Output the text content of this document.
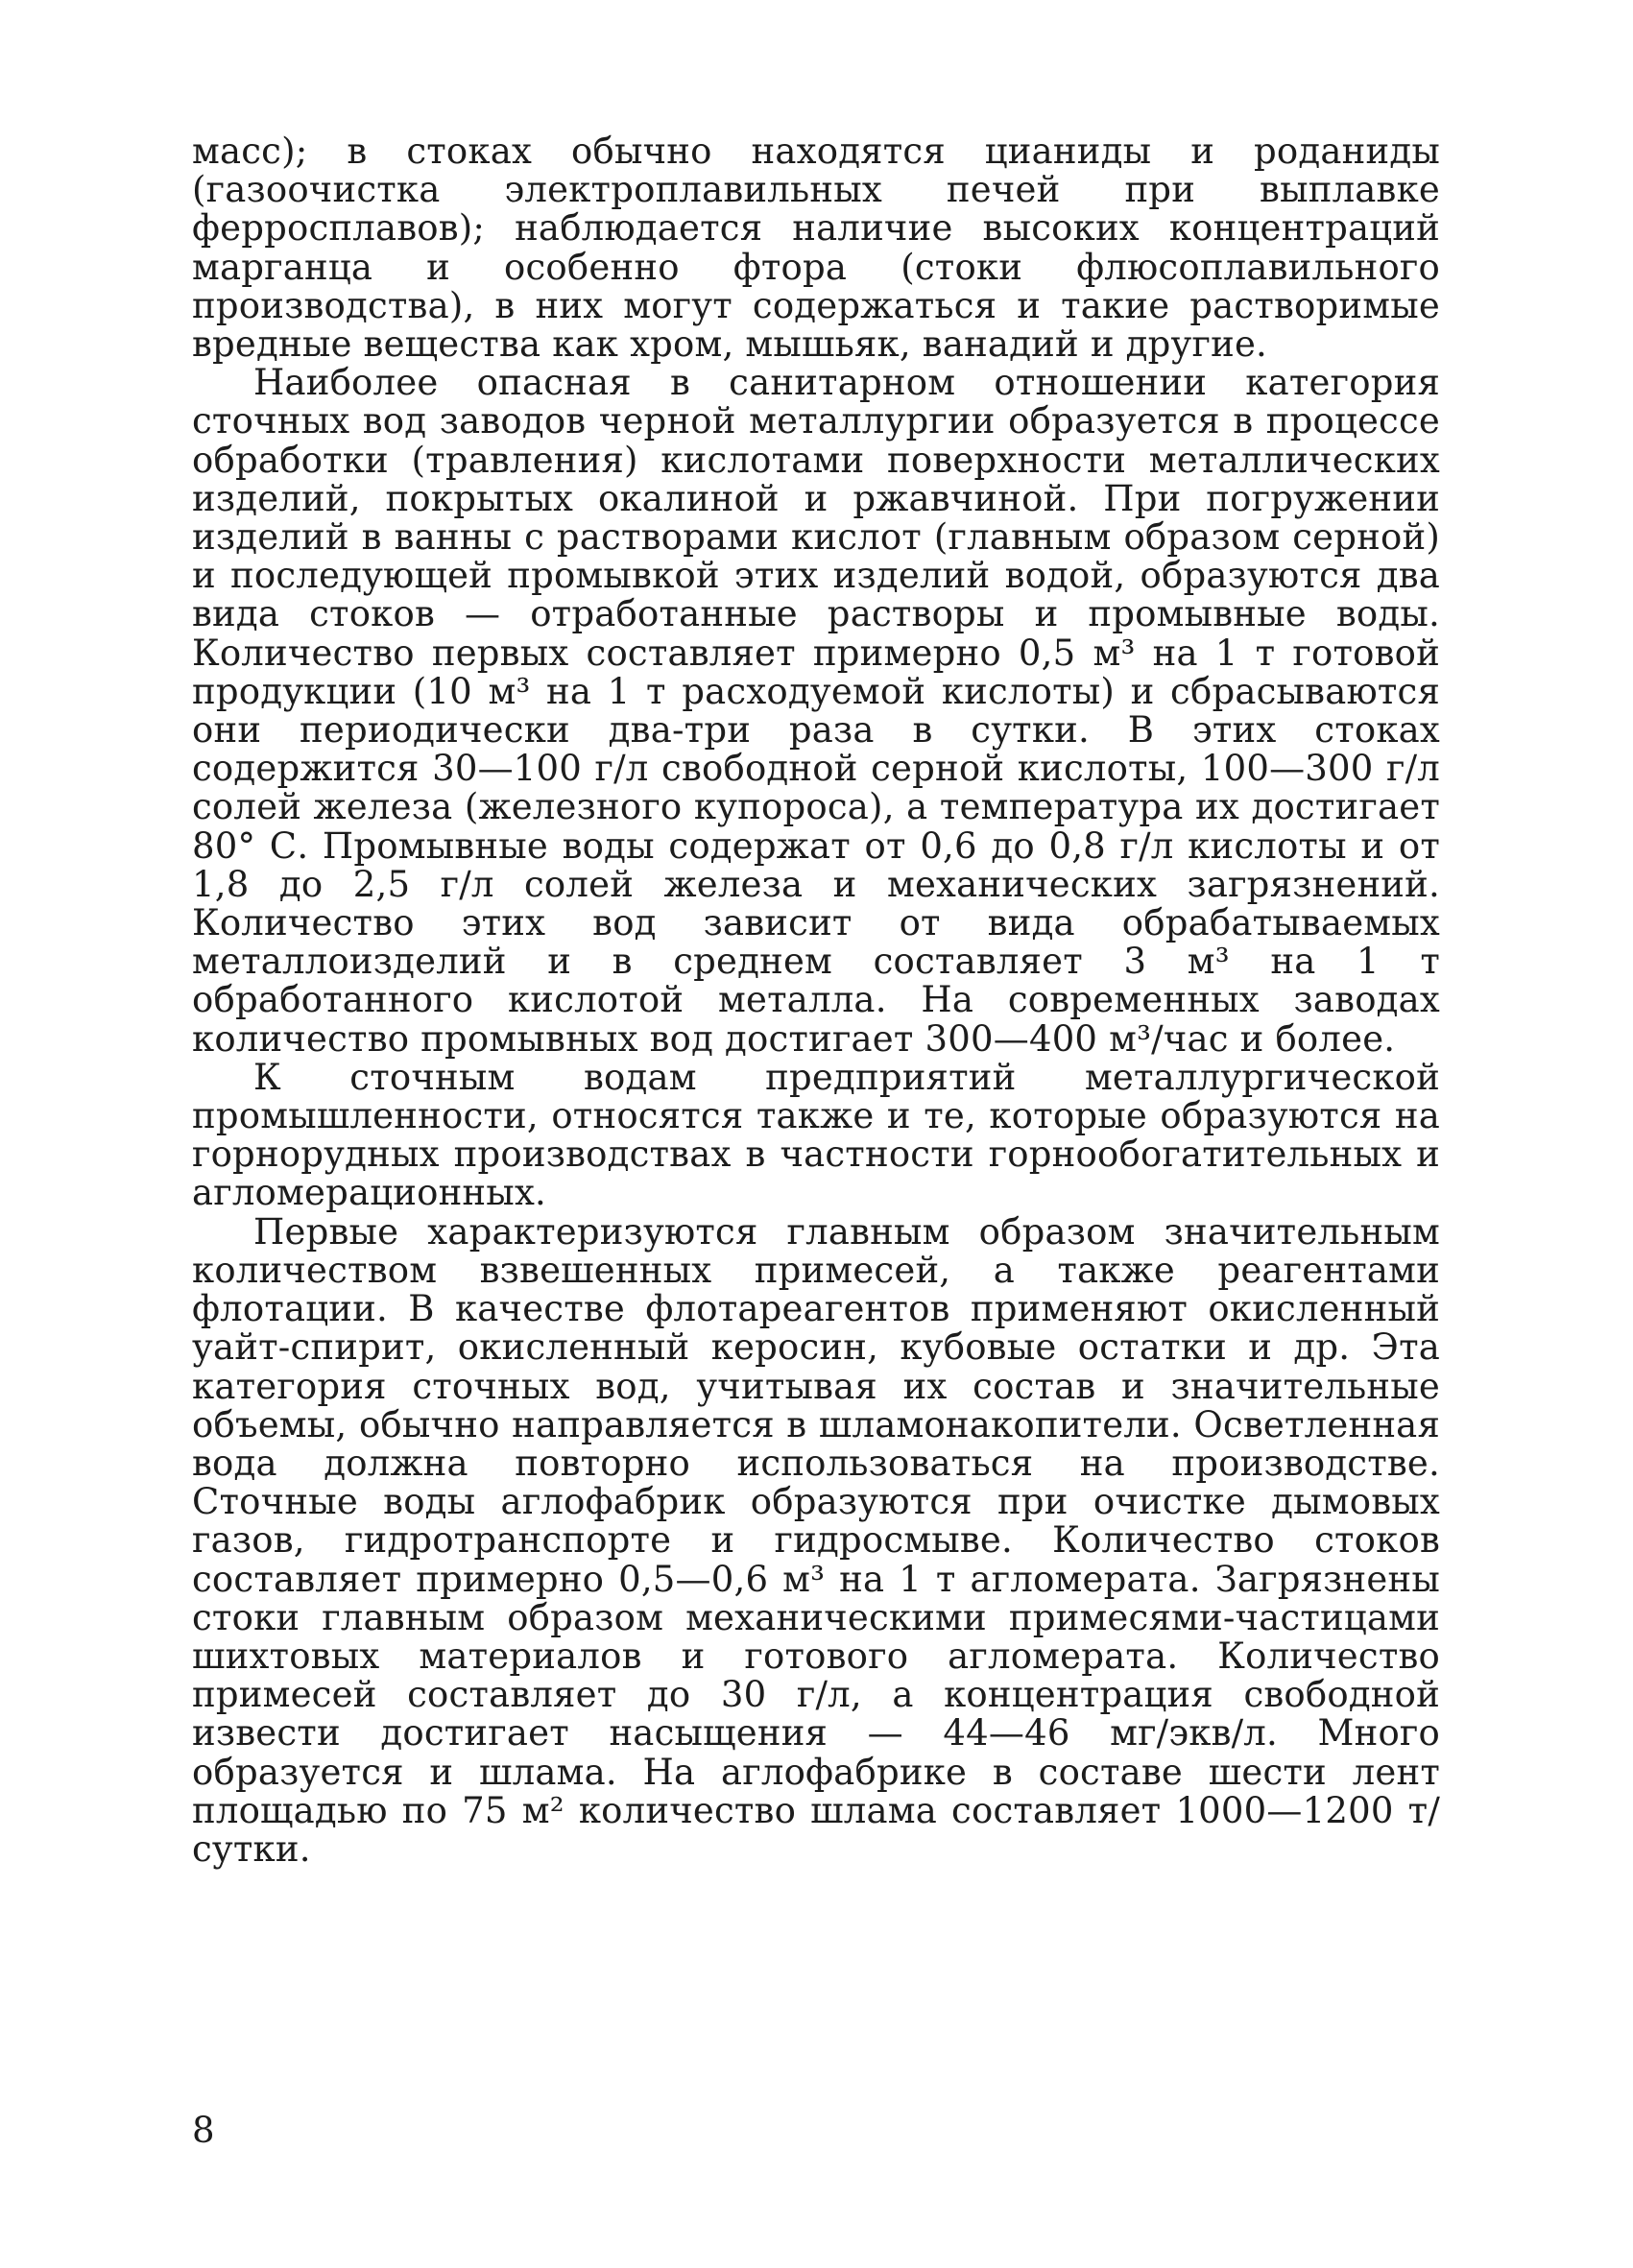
масс); в стоках обычно находятся цианиды и роданиды (газоочистка электроплавильных печей при выплавке ферросплавов); наблюдается наличие высоких концентраций марганца и особенно фтора (стоки флюсоплавильного производства), в них могут содержаться и такие растворимые вредные вещества как хром, мышьяк, ванадий и другие.

Наиболее опасная в санитарном отношении категория сточных вод заводов черной металлургии образуется в процессе обработки (травления) кислотами поверхности металлических изделий, покрытых окалиной и ржавчиной. При погружении изделий в ванны с растворами кислот (главным образом серной) и последующей промывкой этих изделий водой, образуются два вида стоков — отработанные растворы и промывные воды. Количество первых составляет примерно 0,5 м³ на 1 т готовой продукции (10 м³ на 1 т расходуемой кислоты) и сбрасываются они периодически два-три раза в сутки. В этих стоках содержится 30—100 г/л свободной серной кислоты, 100—300 г/л солей железа (железного купороса), а температура их достигает 80° С. Промывные воды содержат от 0,6 до 0,8 г/л кислоты и от 1,8 до 2,5 г/л солей железа и механических загрязнений. Количество этих вод зависит от вида обрабатываемых металлоизделий и в среднем составляет 3 м³ на 1 т обработанного кислотой металла. На современных заводах количество промывных вод достигает 300—400 м³/час и более.

К сточным водам предприятий металлургической промышленности, относятся также и те, которые образуются на горнорудных производствах в частности горнообогатительных и агломерационных.

Первые характеризуются главным образом значительным количеством взвешенных примесей, а также реагентами флотации. В качестве флотареагентов применяют окисленный уайт-спирит, окисленный керосин, кубовые остатки и др. Эта категория сточных вод, учитывая их состав и значительные объемы, обычно направляется в шламонакопители. Осветленная вода должна повторно использоваться на производстве. Сточные воды аглофабрик образуются при очистке дымовых газов, гидротранспорте и гидросмыве. Количество стоков составляет примерно 0,5—0,6 м³ на 1 т агломерата. Загрязнены стоки главным образом механическими примесями-частицами шихтовых материалов и готового агломерата. Количество примесей составляет до 30 г/л, а концентрация свободной извести достигает насыщения — 44—46 мг/экв/л. Много образуется и шлама. На аглофабрике в составе шести лент площадью по 75 м² количество шлама составляет 1000—1200 т/сутки.

8
